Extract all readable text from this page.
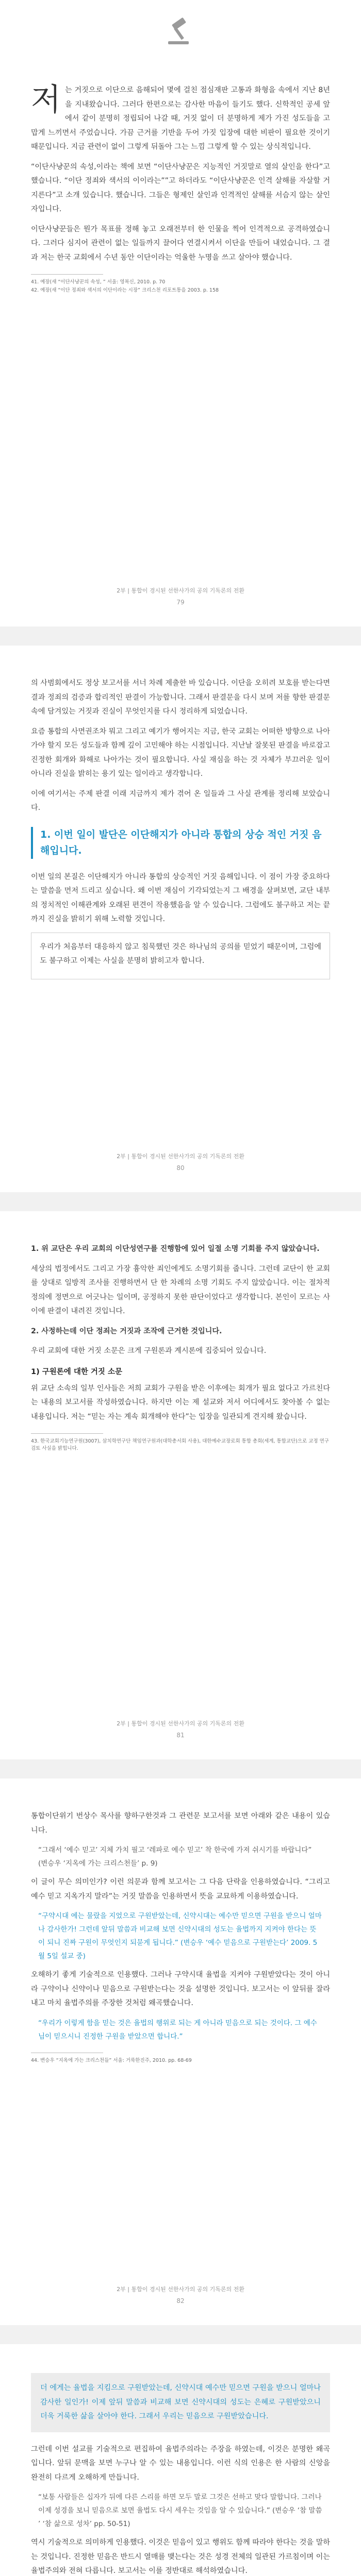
저 는 거짓으로 이단으로 음해되어 몇에 걸친 점심재판 고통과 화형을 속에서 지난 8년을 지내왔습니다. 그러다 한편으로는 감사한 마음이 들기도 했다. 신학적인 공세 앞에서 같이 분명히 정립되어 나갈 때, 거짓 없이 더 분명하게 제가 가진 성도들을 고맙게 느끼면서 주었습니다. 가끔 근거를 기반을 두어 가짓 입장에 대한 비판이 필요한 것이기 때문입니다. 지금 관련이 없이 그렇게 뒤돌아 그는 느낌 그렇게 할 수 있는 상식적입니다.

“이단사냥꾼의 속성,이라는 책에 보면 “이단사냥꾼은 지능적인 거짓말로 열의 살인을 한다”고 했습니다. “이단 정죄와 색서의 이이라는””고 하더라도 “이단사냥꾼은 인격 살해를 자살할 거지른다”고 소개 있습니다. 했습니다. 그들은 형제인 살인과 인격적인 살해를 서슴지 않는 살인자입니다.

이단사냥꾼들은 뭔가 목표를 정해 놓고 오래전부터 한 인물을 찍어 인격적으로 공격하였습니다. 그러다 심지어 관련이 없는 일들까지 끌어다 연결시켜서 이단을 만들어 내었습니다. 그 결과 저는 한국 교회에서 수년 동안 이단이라는 억울한 누명을 쓰고 살아야 했습니다.

41. 예장(새 “이단사냥꾼의 속성, ” 서울: 영복신, 2010. p. 70

42. 예장(새 “이단 정죄와 색서의 이단이라는 시장” 크리스천 리포트통을 2003. p. 158

2부 | 통합이 경시된 선한사가의 공의 기독론의 전환
79

의 사범회에서도 정상 보고서를 서너 차례 제출한 바 있습니다. 이단을 오히려 보호를 받는다면 결과 정죄의 검증과 합리적인 판결이 가능합니다. 그래서 판결문을 다시 보며 저를 향한 판결문 속에 담겨있는 거짓과 진실이 무엇인지를 다시 정리하게 되었습니다.

요즘 통합의 사면권조차 뭐고 그리고 예기가 행어지는 지금, 한국 교회는 어떠한 방향으로 나아가야 할지 모든 성도들과 함께 깊이 고민해야 하는 시점입니다. 지난날 잘못된 판결을 바로잡고 진정한 회개와 화해로 나아가는 것이 필요합니다. 사실 재심을 하는 것 자체가 부끄러운 일이 아니라 진실을 밝히는 용기 있는 일이라고 생각합니다.

이에 여기서는 주제 판결 이래 지금까지 제가 겪어 온 일들과 그 사실 관계를 정리해 보았습니다.

1. 이번 일이 발단은 이단해지가 아니라 통합의 상승 적인 거짓 음해입니다.

이번 일의 본질은 이단해지가 아니라 통합의 상승적인 거짓 음해입니다. 이 점이 가장 중요하다는 말씀을 먼저 드리고 싶습니다. 왜 이번 재심이 기각되었는지 그 배경을 살펴보면, 교단 내부의 정치적인 이해관계와 오래된 편견이 작용했음을 알 수 있습니다. 그럼에도 불구하고 저는 끝까지 진실을 밝히기 위해 노력할 것입니다.

우리가 처음부터 대응하지 않고 침묵했던 것은 하나님의 공의를 믿었기 때문이며, 그럼에도 불구하고 이제는 사실을 분명히 밝히고자 합니다.

2부 | 통합이 경시된 선한사가의 공의 기독론의 전환
80

1. 위 교단은 우리 교회의 이단성연구를 진행함에 있어 일절 소명 기회를 주지 않았습니다.

세상의 법정에서도 그리고 가장 흉악한 죄인에게도 소명기회를 줍니다. 그런데 교단이 한 교회를 상대로 일방적 조사를 진행하면서 단 한 차례의 소명 기회도 주지 않았습니다. 이는 절차적 정의에 정면으로 어긋나는 일이며, 공정하지 못한 판단이었다고 생각합니다. 본인이 모르는 사이에 판결이 내려진 것입니다.

2. 사정하는데 이단 정죄는 거짓과 조작에 근거한 것입니다.

우리 교회에 대한 거짓 소문은 크게 구원론과 계시론에 집중되어 있습니다.

1) 구원론에 대한 거짓 소문

위 교단 소속의 일부 인사들은 저희 교회가 구원을 받은 이후에는 회개가 필요 없다고 가르친다는 내용의 보고서를 작성하였습니다. 하지만 이는 제 설교와 저서 어디에서도 찾아볼 수 없는 내용입니다. 저는 “믿는 자는 계속 회개해야 한다”는 입장을 일관되게 견지해 왔습니다.

43. 한국교회기능연구원(3007), 삼치학연구단 책임연구원과(대학총서회 사용), 대한예수교장로회 통합 총회(세계, 통합교단)으로 교정 연구 검토 사실을 밝힙니다.

2부 | 통합이 경시된 선한사가의 공의 기독론의 전환
81

통합이단위기 번상수 목사를 향하구한것과 그 관련문 보고서를 보면 아래와 같은 내용이 있습니다.

“그래서 ‘예수 믿고’ 지체 가치 필고 ‘레파로 예수 믿고’ 착 한국에 가져 쉬시기를 바랍니다” (변승우 ‘지옥에 가는 크리스천들’ p. 9)

이 글이 무슨 의미인가? 이런 의문과 함께 보고서는 그 다음 단락을 인용하였습니다. “그리고 예수 믿고 지옥가지 말라”는 거짓 말씀을 인용하면서 뜻을 교묘하게 이용하였습니다.

“구약시대 예는 물랐을 지었으로 구원받았는데, 신약시대는 예수만 믿으면 구원을 받으니 얼마나 감사한가! 그런데 앞뒤 말씀과 비교해 보면 신약시대의 성도는 율법까지 지켜야 한다는 뜻이 되니 진짜 구원이 무엇인지 되묻게 됩니다.” (변승우 ‘예수 믿음으로 구원받는다’ 2009. 5월 5일 설교 중)

오해하기 좋게 기술적으로 인용했다. 그러나 구약시대 율법을 지켜야 구원받았다는 것이 아니라 구약이나 신약이나 믿음으로 구원받는다는 것을 설명한 것입니다. 보고서는 이 앞뒤를 잘라내고 마치 율법주의를 주장한 것처럼 왜곡했습니다.

“우리가 이렇게 함을 믿는 것은 율법의 행위로 되는 게 아니라 믿음으로 되는 것이다. 그 예수님이 믿으시니 진정한 구원을 받았으면 합니다.”

44. 변승우 “지옥에 가는 크리스천들” 서울: 거룩한진주, 2010. pp. 68-69

2부 | 통합이 경시된 선한사가의 공의 기독론의 전환
82

더 에게는 율법을 지킴으로 구원받았는데, 신약시대 예수만 믿으면 구원을 받으니 얼마나 감사한 일인가! 이제 앞뒤 말씀과 비교해 보면 신약시대의 성도는 은혜로 구원받았으니 더욱 거룩한 삶을 살아야 한다. 그래서 우리는 믿음으로 구원받았습니다.

그런데 이번 설교를 기술적으로 편집하여 율법주의라는 주장을 하였는데, 이것은 분명한 왜곡입니다. 앞뒤 문맥을 보면 누구나 알 수 있는 내용입니다. 이런 식의 인용은 한 사람의 신앙을 완전히 다르게 오해하게 만듭니다.

“보통 사람들은 십자가 뒤에 다른 스리를 하면 모두 말로 그것은 선하고 맞다 말합니다. 그러나 이제 성경을 보니 믿음으로 보면 율법도 다시 세우는 것임을 알 수 있습니다.” (변승우 ‘참 말씀 ’ ‘참 삶으로 성차’ pp. 50-51)

역시 기술적으로 의미하게 인용했다. 이것은 믿음이 있고 행위도 함께 따라야 한다는 것을 말하는 것입니다. 진정한 믿음은 반드시 열매를 맺는다는 것은 성경 전체의 일관된 가르침이며 이는 율법주의와 전혀 다릅니다. 보고서는 이를 정반대로 해석하였습니다.
